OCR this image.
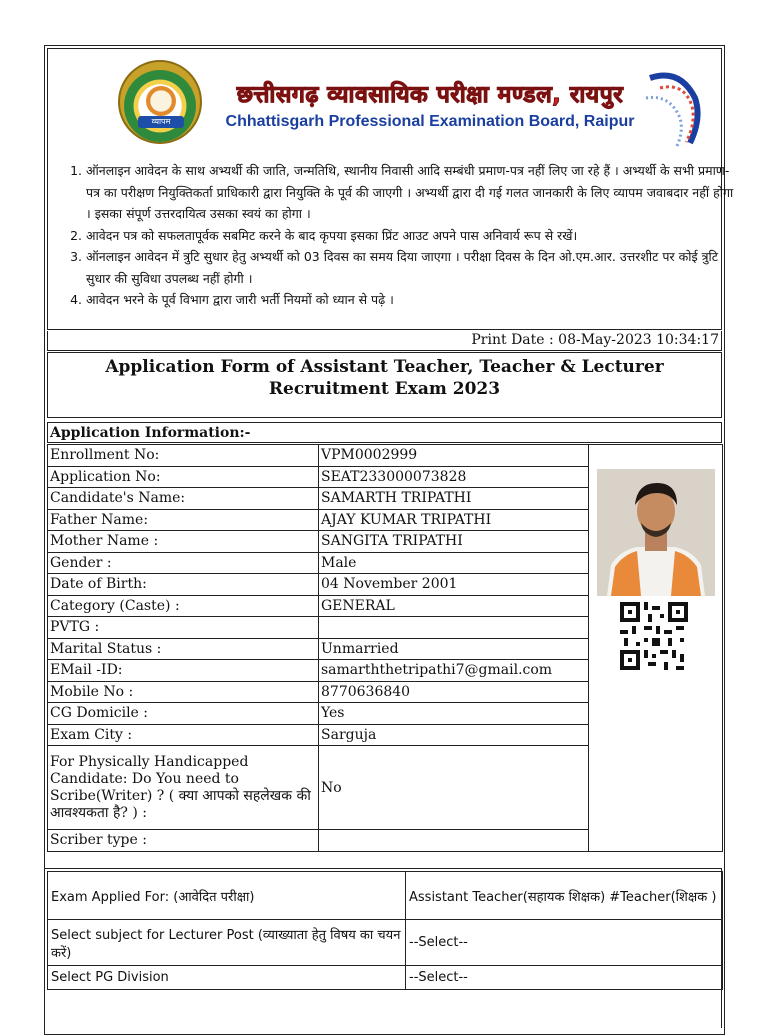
व्यापम
छत्तीसगढ़ व्यावसायिक परीक्षा मण्डल, रायपुर
Chhattisgarh Professional Examination Board, Raipur
1. ऑनलाइन आवेदन के साथ अभ्यर्थी की जाति, जन्मतिथि, स्थानीय निवासी आदि सम्बंधी प्रमाण-पत्र नहीं लिए जा रहे हैं । अभ्यर्थी के सभी प्रमाण-पत्र का परीक्षण नियुक्तिकर्ता प्राधिकारी द्वारा नियुक्ति के पूर्व की जाएगी । अभ्यर्थी द्वारा दी गई गलत जानकारी के लिए व्यापम जवाबदार नहीं होगा । इसका संपूर्ण उत्तरदायित्व उसका स्वयं का होगा ।
2. आवेदन पत्र को सफलतापूर्वक सबमिट करने के बाद कृपया इसका प्रिंट आउट अपने पास अनिवार्य रूप से रखें।
3. ऑनलाइन आवेदन में त्रुटि सुधार हेतु अभ्यर्थी को 03 दिवस का समय दिया जाएगा । परीक्षा दिवस के दिन ओ.एम.आर. उत्तरशीट पर कोई त्रुटि सुधार की सुविधा उपलब्ध नहीं होगी ।
4. आवेदन भरने के पूर्व विभाग द्वारा जारी भर्ती नियमों को ध्यान से पढ़े ।
Print Date : 08-May-2023 10:34:17
Application Form of Assistant Teacher, Teacher & Lecturer Recruitment Exam 2023
Application Information:-
Enrollment No:	VPM0002999	
Application No:	SEAT233000073828	
Candidate's Name:	SAMARTH TRIPATHI	
Father Name:	AJAY KUMAR TRIPATHI	
Mother Name :	SANGITA TRIPATHI	
Gender :	Male	
Date of Birth:	04 November 2001	
Category (Caste) :	GENERAL	
PVTG :		
Marital Status :	Unmarried	
EMail -ID:	samarththetripathi7@gmail.com	
Mobile No :	8770636840	
CG Domicile :	Yes	
Exam City :	Sarguja	
For Physically Handicapped Candidate: Do You need to Scribe(Writer) ? ( क्या आपको सहलेखक की आवश्यकता है? ) :	No	
Scriber type :		
Exam Applied For: (आवेदित परीक्षा)	Assistant Teacher(सहायक शिक्षक) #Teacher(शिक्षक )
Select subject for Lecturer Post (व्याख्याता हेतु विषय का चयन करें)	--Select--
Select PG Division	--Select--
